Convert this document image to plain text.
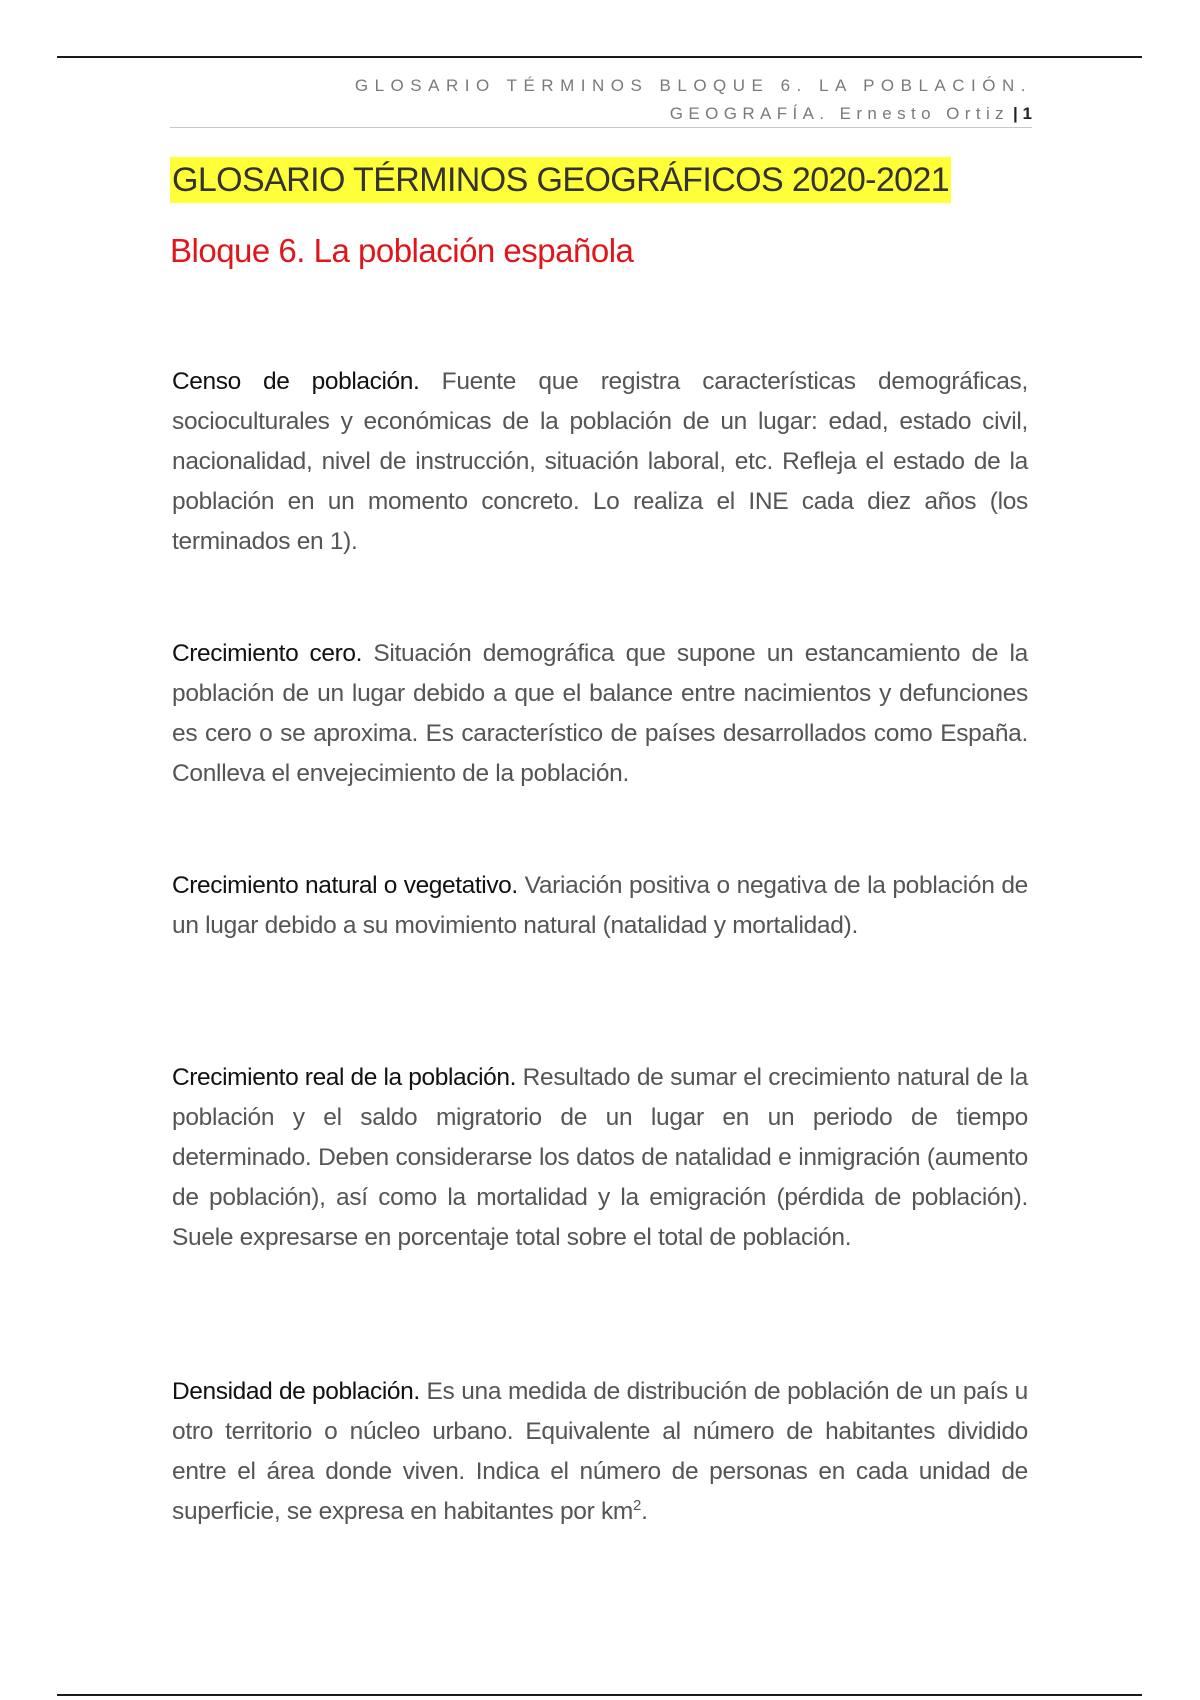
GLOSARIO TÉRMINOS BLOQUE 6. LA POBLACIÓN.
GEOGRAFÍA. Ernesto Ortiz | 1
GLOSARIO TÉRMINOS GEOGRÁFICOS 2020-2021
Bloque 6. La población española

Censo de población. Fuente que registra características demográficas, socioculturales y económicas de la población de un lugar: edad, estado civil, nacionalidad, nivel de instrucción, situación laboral, etc. Refleja el estado de la población en un momento concreto. Lo realiza el INE cada diez años (los terminados en 1).

Crecimiento cero. Situación demográfica que supone un estancamiento de la población de un lugar debido a que el balance entre nacimientos y defunciones es cero o se aproxima. Es característico de países desarrollados como España. Conlleva el envejecimiento de la población.

Crecimiento natural o vegetativo. Variación positiva o negativa de la población de un lugar debido a su movimiento natural (natalidad y mortalidad).

Crecimiento real de la población. Resultado de sumar el crecimiento natural de la población y el saldo migratorio de un lugar en un periodo de tiempo determinado. Deben considerarse los datos de natalidad e inmigración (aumento de población), así como la mortalidad y la emigración (pérdida de población). Suele expresarse en porcentaje total sobre el total de población.

Densidad de población. Es una medida de distribución de población de un país u otro territorio o núcleo urbano. Equivalente al número de habitantes dividido entre el área donde viven. Indica el número de personas en cada unidad de superficie, se expresa en habitantes por $km^2$.
